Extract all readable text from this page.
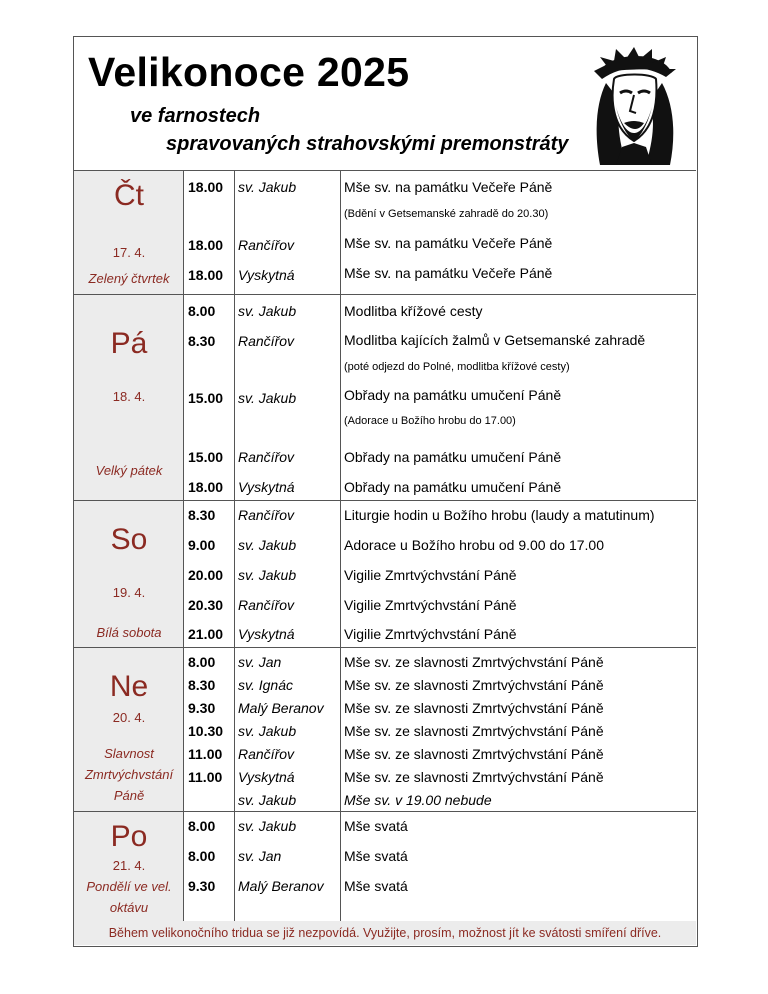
Velikonoce 2025
ve farnostech
spravovaných strahovskými premonstráty
Čt
17. 4.
Zelený čtvrtek
18.00 sv. Jakub	Mše sv. na památku Večeře Páně
(Bdění v Getsemanské zahradě do 20.30)
18.00 Rančířov	Mše sv. na památku Večeře Páně
18.00 Vyskytná	Mše sv. na památku Večeře Páně
Pá
18. 4.
Velký pátek
8.00 sv. Jakub	Modlitba křížové cesty
8.30 Rančířov	Modlitba kajících žalmů v Getsemanské zahradě
(poté odjezd do Polné, modlitba křížové cesty)
15.00 sv. Jakub	Obřady na památku umučení Páně
(Adorace u Božího hrobu do 17.00)
15.00 Rančířov	Obřady na památku umučení Páně
18.00 Vyskytná	Obřady na památku umučení Páně
So
19. 4.
Bílá sobota
8.30 Rančířov	Liturgie hodin u Božího hrobu (laudy a matutinum)
9.00 sv. Jakub	Adorace u Božího hrobu od 9.00 do 17.00
20.00 sv. Jakub	Vigilie Zmrtvýchvstání Páně
20.30 Rančířov	Vigilie Zmrtvýchvstání Páně
21.00 Vyskytná	Vigilie Zmrtvýchvstání Páně
Ne
20. 4.
Slavnost
Zmrtvýchvstání
Páně
8.00 sv. Jan	Mše sv. ze slavnosti Zmrtvýchvstání Páně
8.30 sv. Ignác	Mše sv. ze slavnosti Zmrtvýchvstání Páně
9.30 Malý Beranov Mše sv. ze slavnosti Zmrtvýchvstání Páně
10.30 sv. Jakub	Mše sv. ze slavnosti Zmrtvýchvstání Páně
11.00 Rančířov	Mše sv. ze slavnosti Zmrtvýchvstání Páně
11.00 Vyskytná	Mše sv. ze slavnosti Zmrtvýchvstání Páně
sv. Jakub	Mše sv. v 19.00 nebude
Po
21. 4.
Pondělí ve vel.
oktávu
8.00 sv. Jakub	Mše svatá
8.00 sv. Jan	Mše svatá
9.30 Malý Beranov Mše svatá
Během velikonočního tridua se již nezpovídá. Využijte, prosím, možnost jít ke svátosti smíření dříve.
